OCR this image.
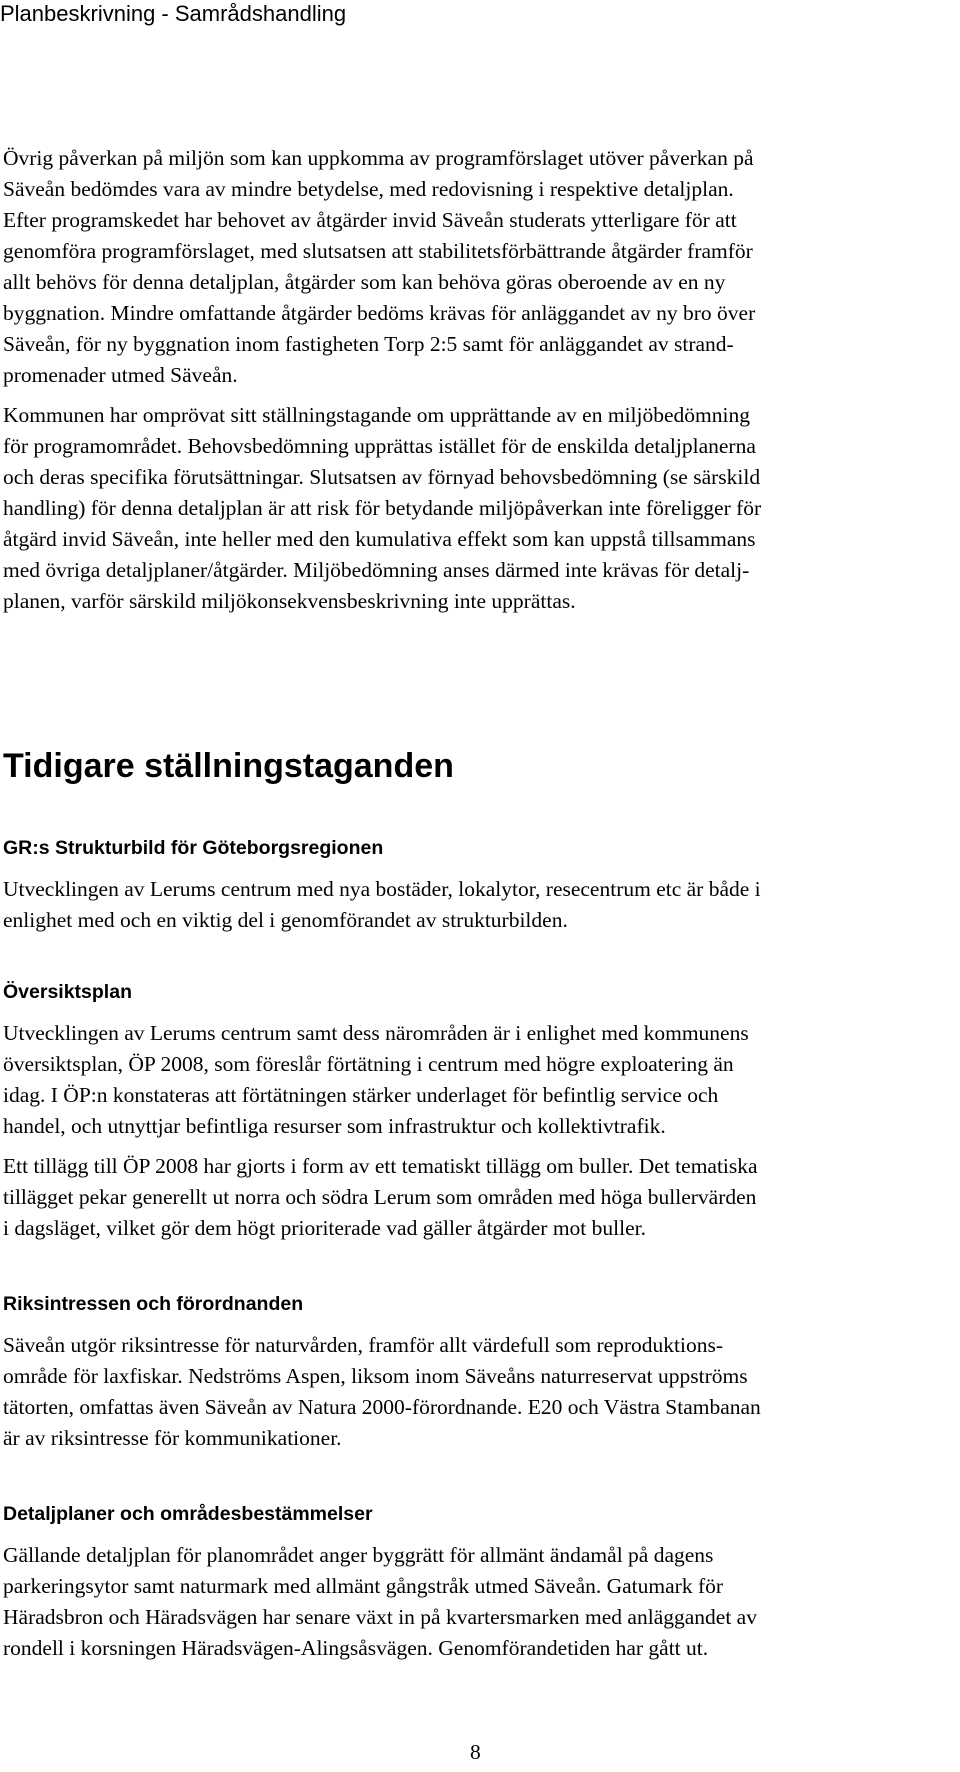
Planbeskrivning - Samrådshandling

Övrig påverkan på miljön som kan uppkomma av programförslaget utöver påverkan på
Säveån bedömdes vara av mindre betydelse, med redovisning i respektive detaljplan.

Efter programskedet har behovet av åtgärder invid Säveån studerats ytterligare för att
genomföra programförslaget, med slutsatsen att stabilitetsförbättrande åtgärder framför
allt behövs för denna detaljplan, åtgärder som kan behöva göras oberoende av en ny
byggnation. Mindre omfattande åtgärder bedöms krävas för anläggandet av ny bro över
Säveån, för ny byggnation inom fastigheten Torp 2:5 samt för anläggandet av strand-
promenader utmed Säveån.

Kommunen har omprövat sitt ställningstagande om upprättande av en miljöbedömning
för programområdet. Behovsbedömning upprättas istället för de enskilda detaljplanerna
och deras specifika förutsättningar. Slutsatsen av förnyad behovsbedömning (se särskild
handling) för denna detaljplan är att risk för betydande miljöpåverkan inte föreligger för
åtgärd invid Säveån, inte heller med den kumulativa effekt som kan uppstå tillsammans
med övriga detaljplaner/åtgärder. Miljöbedömning anses därmed inte krävas för detalj-
planen, varför särskild miljökonsekvensbeskrivning inte upprättas.

Tidigare ställningstaganden
GR:s Strukturbild för Göteborgsregionen

Utvecklingen av Lerums centrum med nya bostäder, lokalytor, resecentrum etc är både i
enlighet med och en viktig del i genomförandet av strukturbilden.

Översiktsplan

Utvecklingen av Lerums centrum samt dess närområden är i enlighet med kommunens
översiktsplan, ÖP 2008, som föreslår förtätning i centrum med högre exploatering än
idag. I ÖP:n konstateras att förtätningen stärker underlaget för befintlig service och
handel, och utnyttjar befintliga resurser som infrastruktur och kollektivtrafik.

Ett tillägg till ÖP 2008 har gjorts i form av ett tematiskt tillägg om buller. Det tematiska
tillägget pekar generellt ut norra och södra Lerum som områden med höga bullervärden
i dagsläget, vilket gör dem högt prioriterade vad gäller åtgärder mot buller.

Riksintressen och förordnanden

Säveån utgör riksintresse för naturvården, framför allt värdefull som reproduktions-
område för laxfiskar. Nedströms Aspen, liksom inom Säveåns naturreservat uppströms
tätorten, omfattas även Säveån av Natura 2000-förordnande. E20 och Västra Stambanan
är av riksintresse för kommunikationer.

Detaljplaner och områdesbestämmelser

Gällande detaljplan för planområdet anger byggrätt för allmänt ändamål på dagens
parkeringsytor samt naturmark med allmänt gångstråk utmed Säveån. Gatumark för
Häradsbron och Häradsvägen har senare växt in på kvartersmarken med anläggandet av
rondell i korsningen Häradsvägen-Alingsåsvägen. Genomförandetiden har gått ut.

8
